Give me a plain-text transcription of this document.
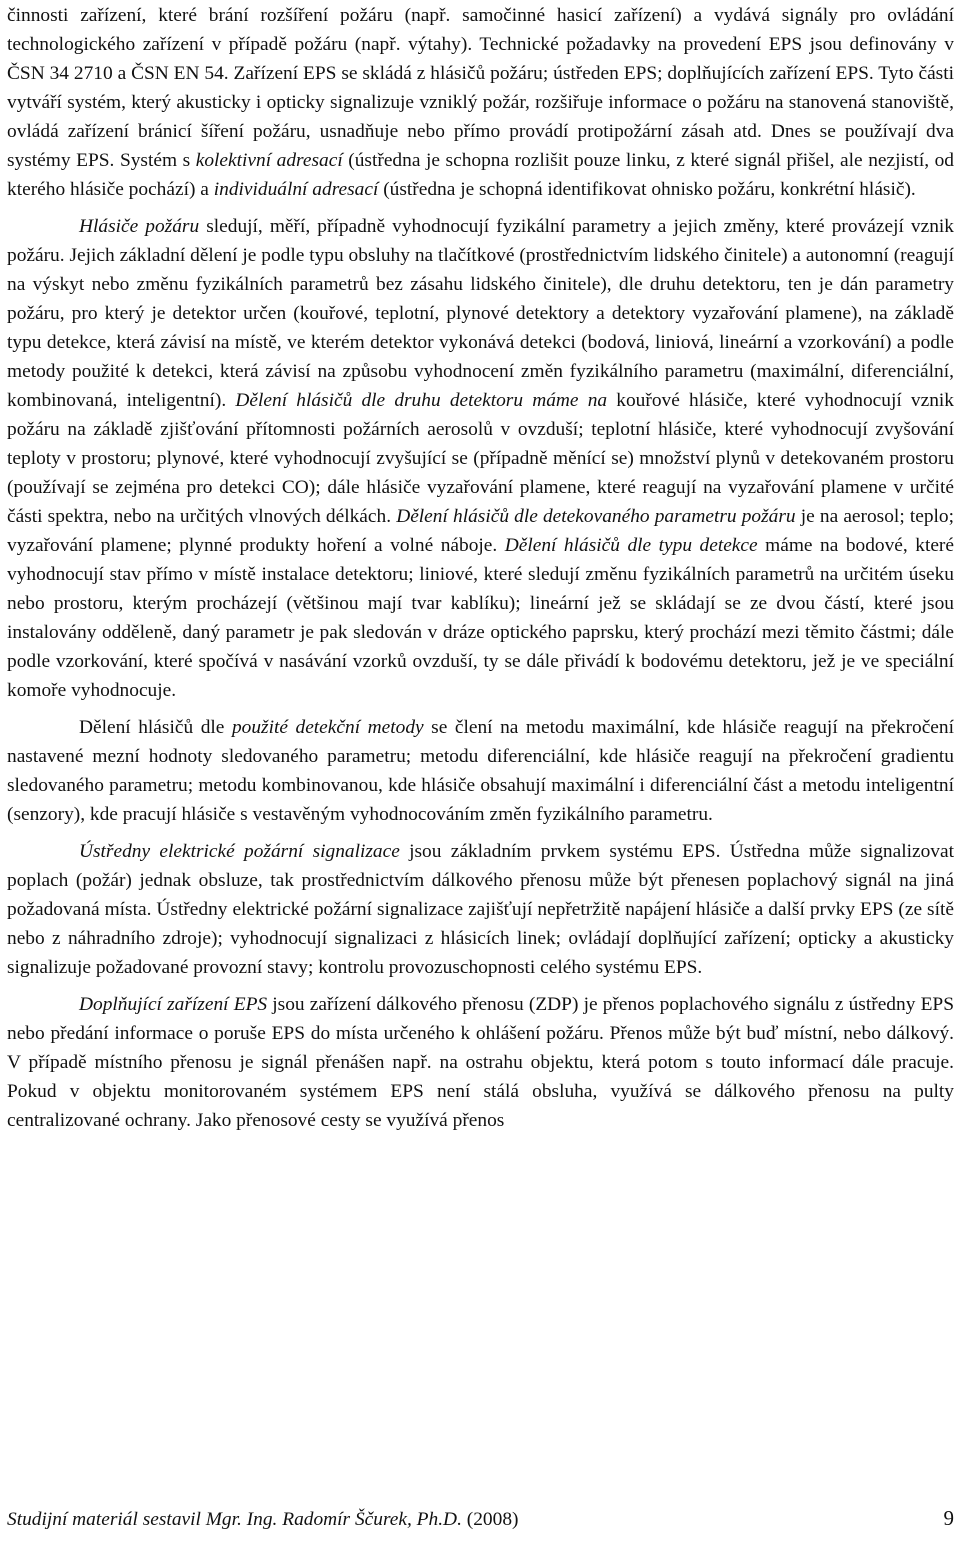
činnosti zařízení, které brání rozšíření požáru (např. samočinné hasicí zařízení) a vydává signály pro ovládání technologického zařízení v případě požáru (např. výtahy). Technické požadavky na provedení EPS jsou definovány v ČSN 34 2710 a ČSN EN 54. Zařízení EPS se skládá z hlásičů požáru; ústředen EPS; doplňujících zařízení EPS. Tyto části vytváří systém, který akusticky i opticky signalizuje vzniklý požár, rozšiřuje informace o požáru na stanovená stanoviště, ovládá zařízení bránicí šíření požáru, usnadňuje nebo přímo provádí protipožární zásah atd. Dnes se používají dva systémy EPS. Systém s kolektivní adresací (ústředna je schopna rozlišit pouze linku, z které signál přišel, ale nezjistí, od kterého hlásiče pochází) a individuální adresací (ústředna je schopná identifikovat ohnisko požáru, konkrétní hlásič).

Hlásiče požáru sledují, měří, případně vyhodnocují fyzikální parametry a jejich změny, které provázejí vznik požáru. Jejich základní dělení je podle typu obsluhy na tlačítkové (prostřednictvím lidského činitele) a autonomní (reagují na výskyt nebo změnu fyzikálních parametrů bez zásahu lidského činitele), dle druhu detektoru, ten je dán parametry požáru, pro který je detektor určen (kouřové, teplotní, plynové detektory a detektory vyzařování plamene), na základě typu detekce, která závisí na místě, ve kterém detektor vykonává detekci (bodová, liniová, lineární a vzorkování) a podle metody použité k detekci, která závisí na způsobu vyhodnocení změn fyzikálního parametru (maximální, diferenciální, kombinovaná, inteligentní). Dělení hlásičů dle druhu detektoru máme na kouřové hlásiče, které vyhodnocují vznik požáru na základě zjišťování přítomnosti požárních aerosolů v ovzduší; teplotní hlásiče, které vyhodnocují zvyšování teploty v prostoru; plynové, které vyhodnocují zvyšující se (případně měnící se) množství plynů v detekovaném prostoru (používají se zejména pro detekci CO); dále hlásiče vyzařování plamene, které reagují na vyzařování plamene v určité části spektra, nebo na určitých vlnových délkách. Dělení hlásičů dle detekovaného parametru požáru je na aerosol; teplo; vyzařování plamene; plynné produkty hoření a volné náboje. Dělení hlásičů dle typu detekce máme na bodové, které vyhodnocují stav přímo v místě instalace detektoru; liniové, které sledují změnu fyzikálních parametrů na určitém úseku nebo prostoru, kterým procházejí (většinou mají tvar kablíku); lineární jež se skládají se ze dvou částí, které jsou instalovány odděleně, daný parametr je pak sledován v dráze optického paprsku, který prochází mezi těmito částmi; dále podle vzorkování, které spočívá v nasávání vzorků ovzduší, ty se dále přivádí k bodovému detektoru, jež je ve speciální komoře vyhodnocuje.

Dělení hlásičů dle použité detekční metody se člení na metodu maximální, kde hlásiče reagují na překročení nastavené mezní hodnoty sledovaného parametru; metodu diferenciální, kde hlásiče reagují na překročení gradientu sledovaného parametru; metodu kombinovanou, kde hlásiče obsahují maximální i diferenciální část a metodu inteligentní (senzory), kde pracují hlásiče s vestavěným vyhodnocováním změn fyzikálního parametru.

Ústředny elektrické požární signalizace jsou základním prvkem systému EPS. Ústředna může signalizovat poplach (požár) jednak obsluze, tak prostřednictvím dálkového přenosu může být přenesen poplachový signál na jiná požadovaná místa. Ústředny elektrické požární signalizace zajišťují nepřetržitě napájení hlásiče a další prvky EPS (ze sítě nebo z náhradního zdroje); vyhodnocují signalizaci z hlásicích linek; ovládají doplňující zařízení; opticky a akusticky signalizuje požadované provozní stavy; kontrolu provozuschopnosti celého systému EPS.

Doplňující zařízení EPS jsou zařízení dálkového přenosu (ZDP) je přenos poplachového signálu z ústředny EPS nebo předání informace o poruše EPS do místa určeného k ohlášení požáru. Přenos může být buď místní, nebo dálkový. V případě místního přenosu je signál přenášen např. na ostrahu objektu, která potom s touto informací dále pracuje. Pokud v objektu monitorovaném systémem EPS není stálá obsluha, využívá se dálkového přenosu na pulty centralizované ochrany. Jako přenosové cesty se využívá přenos

Studijní materiál sestavil Mgr. Ing. Radomír Ščurek, Ph.D. (2008)	9
